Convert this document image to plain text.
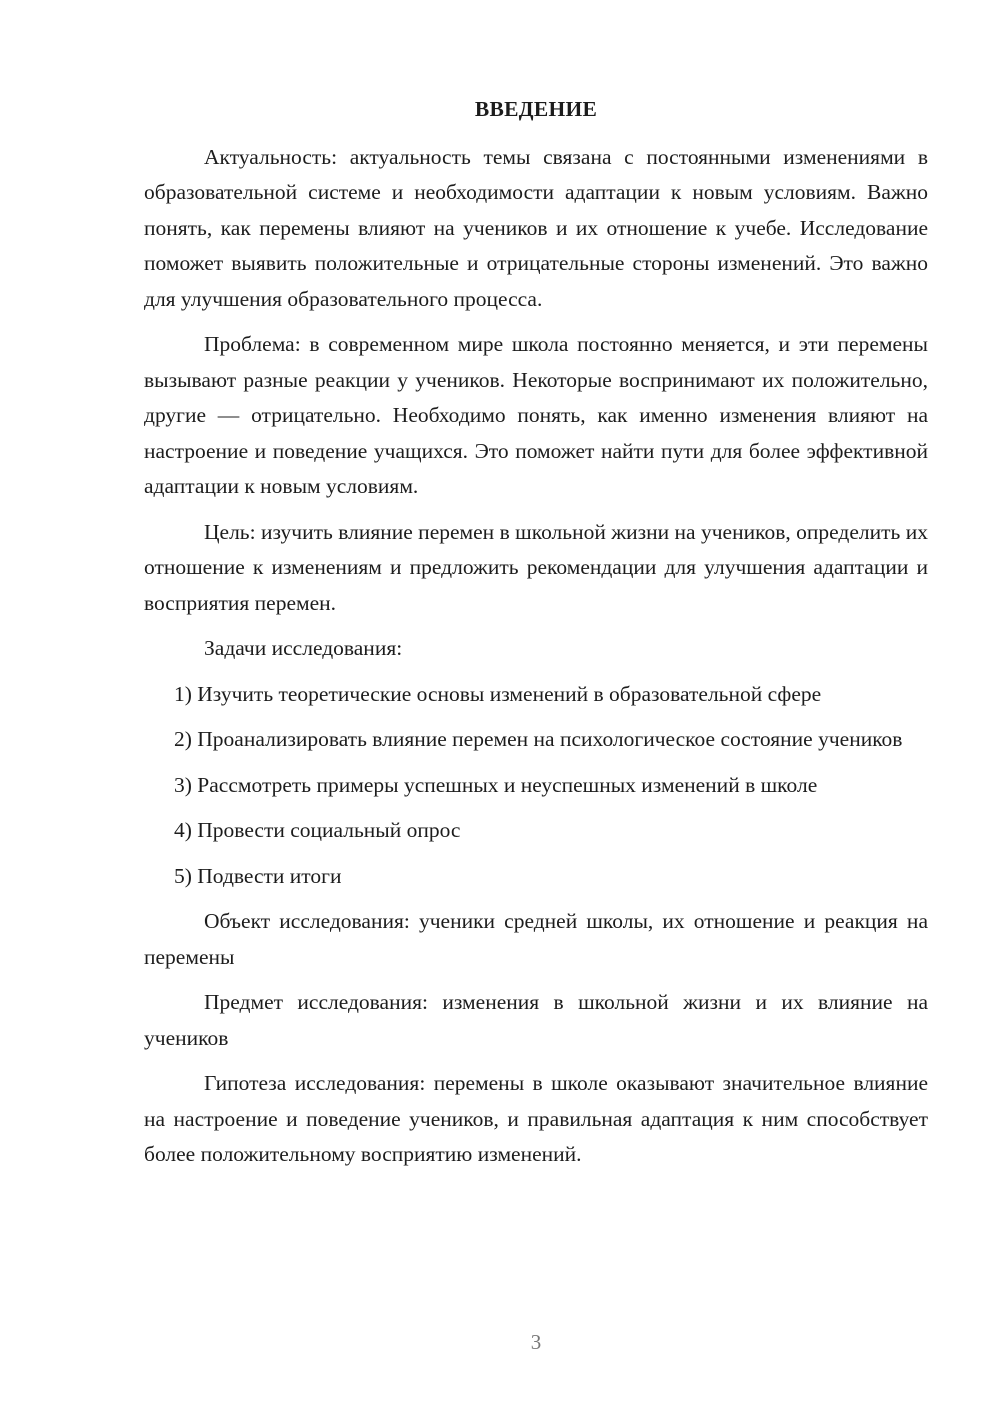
ВВЕДЕНИЕ

Актуальность: актуальность темы связана с постоянными изменениями в образовательной системе и необходимости адаптации к новым условиям. Важно понять, как перемены влияют на учеников и их отношение к учебе. Исследование поможет выявить положительные и отрицательные стороны изменений. Это важно для улучшения образовательного процесса.

Проблема: в современном мире школа постоянно меняется, и эти перемены вызывают разные реакции у учеников. Некоторые воспринимают их положительно, другие — отрицательно. Необходимо понять, как именно изменения влияют на настроение и поведение учащихся. Это поможет найти пути для более эффективной адаптации к новым условиям.

Цель: изучить влияние перемен в школьной жизни на учеников, определить их отношение к изменениям и предложить рекомендации для улучшения адаптации и восприятия перемен.

Задачи исследования:

1) Изучить теоретические основы изменений в образовательной сфере

2) Проанализировать влияние перемен на психологическое состояние учеников

3) Рассмотреть примеры успешных и неуспешных изменений в школе

4) Провести социальный опрос

5) Подвести итоги

Объект исследования: ученики средней школы, их отношение и реакция на перемены

Предмет исследования: изменения в школьной жизни и их влияние на учеников

Гипотеза исследования: перемены в школе оказывают значительное влияние на настроение и поведение учеников, и правильная адаптация к ним способствует более положительному восприятию изменений.

3
